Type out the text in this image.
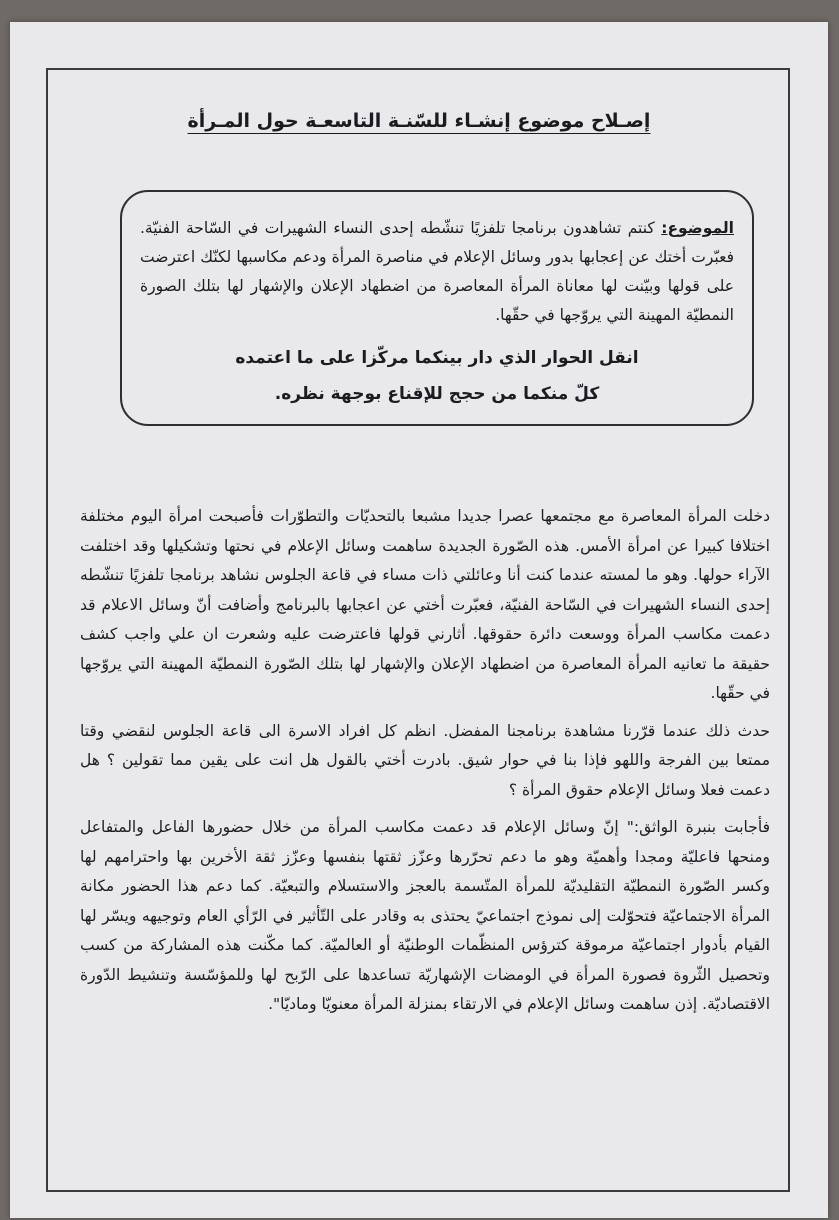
إصـلاح موضوع إنشـاء للسّنـة التاسعـة حول المـرأة

الموضوع: كنتم تشاهدون برنامجا تلفزيًا تنشّطه إحدى النساء الشهيرات في السّاحة الفنيّة. فعبّرت أختك عن إعجابها بدور وسائل الإعلام في مناصرة المرأة ودعم مكاسبها لكنّك اعترضت على قولها وبيّنت لها معاناة المرأة المعاصرة من اضطهاد الإعلان والإشهار لها بتلك الصورة النمطيّة المهينة التي يروّجها في حقّها.

انقل الحوار الذي دار بينكما مركّزا على ما اعتمده
كلّ منكما من حجج للإقناع بوجهة نظره.

دخلت المرأة المعاصرة مع مجتمعها عصرا جديدا مشبعا بالتحديّات والتطوّرات فأصبحت امرأة اليوم مختلفة اختلافا كبيرا عن امرأة الأمس. هذه الصّورة الجديدة ساهمت وسائل الإعلام في نحتها وتشكيلها وقد اختلفت الآراء حولها. وهو ما لمسته عندما كنت أنا وعائلتي ذات مساء في قاعة الجلوس نشاهد برنامجا تلفزيًا تنشّطه إحدى النساء الشهيرات في السّاحة الفنيّة، فعبّرت أختي عن اعجابها بالبرنامج وأضافت أنّ وسائل الاعلام قد دعمت مكاسب المرأة ووسعت دائرة حقوقها. أثارني قولها فاعترضت عليه وشعرت ان علي واجب كشف حقيقة ما تعانيه المرأة المعاصرة من اضطهاد الإعلان والإشهار لها بتلك الصّورة النمطيّة المهينة التي يروّجها في حقّها.

حدث ذلك عندما قرّرنا مشاهدة برنامجنا المفضل. انظم كل افراد الاسرة الى قاعة الجلوس لنقضي وقتا ممتعا بين الفرجة واللهو فإذا بنا في حوار شيق. بادرت أختي بالقول هل انت على يقين مما تقولين ؟ هل دعمت فعلا وسائل الإعلام حقوق المرأة ؟

فأجابت بنبرة الواثق:" إنّ وسائل الإعلام قد دعمت مكاسب المرأة من خلال حضورها الفاعل والمتفاعل ومنحها فاعليّة ومجدا وأهميّة وهو ما دعم تحرّرها وعزّز ثقتها بنفسها وعزّز ثقة الأخرين بها واحترامهم لها وكسر الصّورة النمطيّة التقليديّة للمرأة المتّسمة بالعجز والاستسلام والتبعيّة. كما دعم هذا الحضور مكانة المرأة الاجتماعيّة فتحوّلت إلى نموذج اجتماعيّ يحتذى به وقادر على التّأثير في الرّأي العام وتوجيهه ويسّر لها القيام بأدوار اجتماعيّة مرموقة كترؤس المنظّمات الوطنيّة أو العالميّة. كما مكّنت هذه المشاركة من كسب وتحصيل الثّروة فصورة المرأة في الومضات الإشهاريّة تساعدها على الرّبح لها وللمؤسّسة وتنشيط الدّورة الاقتصاديّة. إذن ساهمت وسائل الإعلام في الارتقاء بمنزلة المرأة معنويّا وماديّا".
